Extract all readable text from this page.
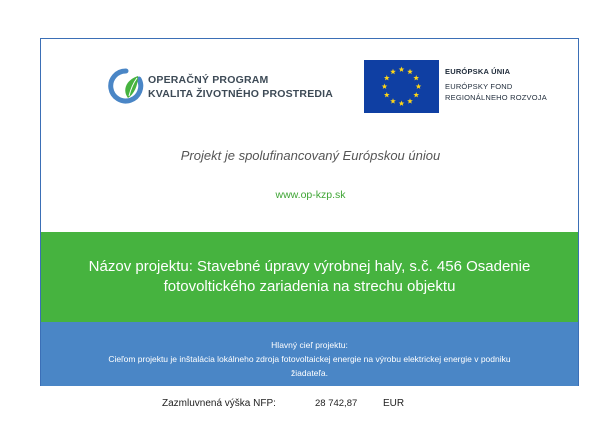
OPERAČNÝ PROGRAM
KVALITA ŽIVOTNÉHO PROSTREDIA
EURÓPSKA ÚNIA
EURÓPSKY FOND
REGIONÁLNEHO ROZVOJA
Projekt je spolufinancovaný Európskou úniou
www.op-kzp.sk
Názov projektu: Stavebné úpravy výrobnej haly, s.č. 456 Osadenie
fotovoltického zariadenia na strechu objektu
Hlavný cieľ projektu:
Cieľom projektu je inštalácia lokálneho zdroja fotovoltaickej energie na výrobu elektrickej energie v podniku
žiadateľa.
Zazmluvnená výška NFP:	28 742,87	EUR
